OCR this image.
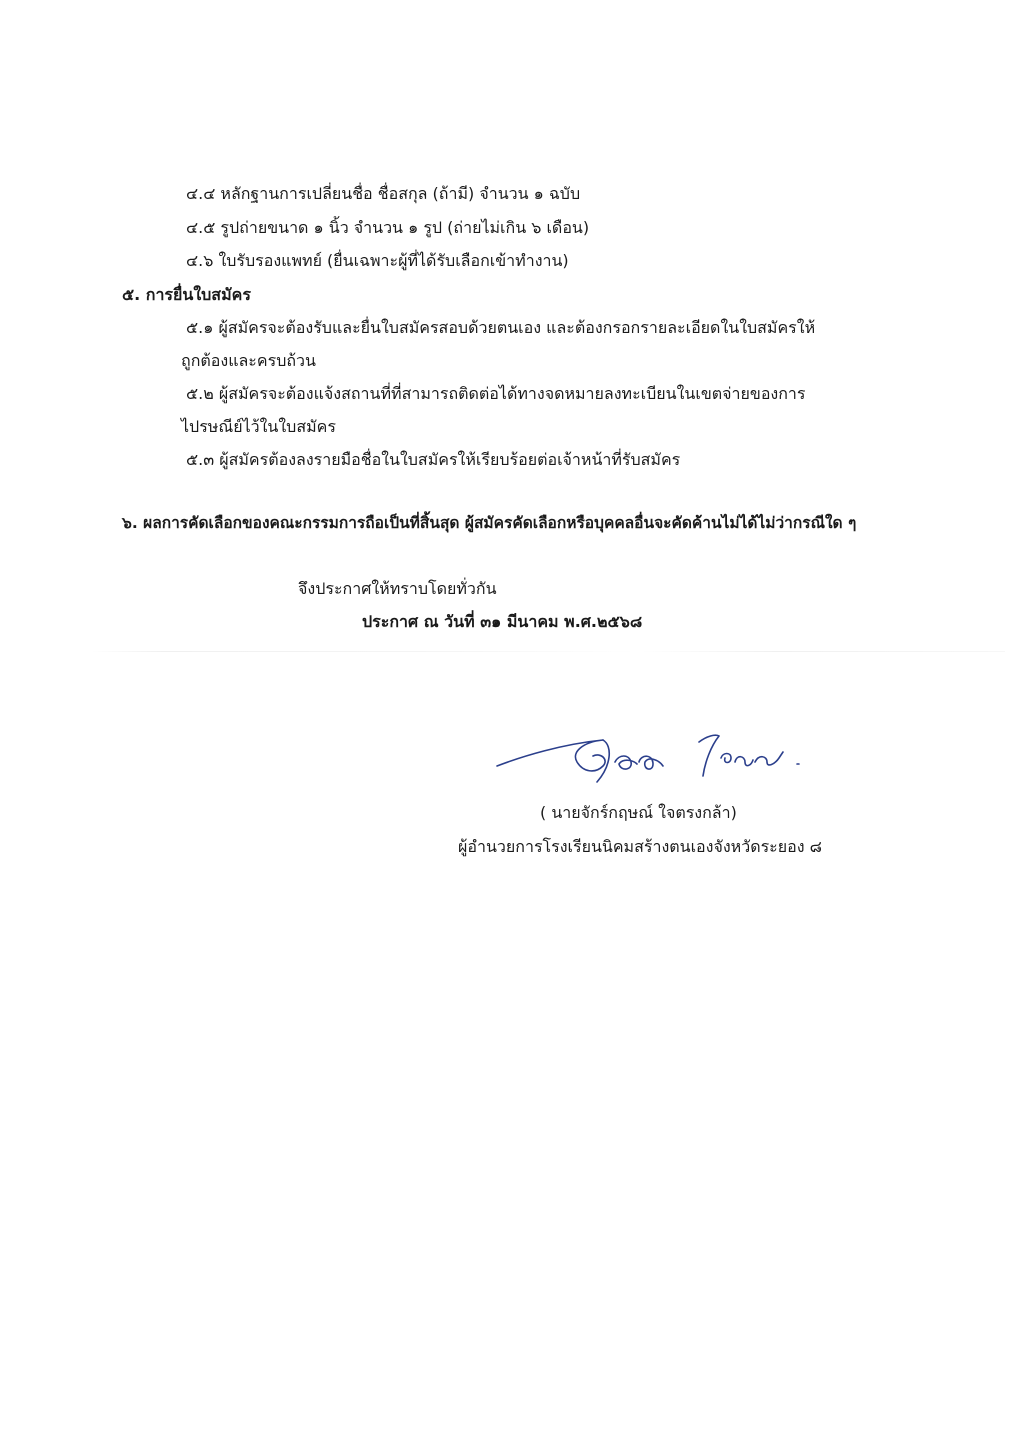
๔.๔ หลักฐานการเปลี่ยนชื่อ ชื่อสกุล (ถ้ามี) จำนวน ๑ ฉบับ
๔.๕ รูปถ่ายขนาด ๑ นิ้ว จำนวน ๑ รูป (ถ่ายไม่เกิน ๖ เดือน)
๔.๖ ใบรับรองแพทย์ (ยื่นเฉพาะผู้ที่ได้รับเลือกเข้าทำงาน)
๕. การยื่นใบสมัคร
๕.๑ ผู้สมัครจะต้องรับและยื่นใบสมัครสอบด้วยตนเอง และต้องกรอกรายละเอียดในใบสมัครให้
ถูกต้องและครบถ้วน
๕.๒ ผู้สมัครจะต้องแจ้งสถานที่ที่สามารถติดต่อได้ทางจดหมายลงทะเบียนในเขตจ่ายของการ
ไปรษณีย์ไว้ในใบสมัคร
๕.๓ ผู้สมัครต้องลงรายมือชื่อในใบสมัครให้เรียบร้อยต่อเจ้าหน้าที่รับสมัคร
๖. ผลการคัดเลือกของคณะกรรมการถือเป็นที่สิ้นสุด ผู้สมัครคัดเลือกหรือบุคคลอื่นจะคัดค้านไม่ได้ไม่ว่ากรณีใด ๆ
จึงประกาศให้ทราบโดยทั่วกัน
ประกาศ ณ วันที่ ๓๑ มีนาคม พ.ศ.๒๕๖๘
( นายจักร์กฤษณ์ ใจตรงกล้า)
ผู้อำนวยการโรงเรียนนิคมสร้างตนเองจังหวัดระยอง ๘
